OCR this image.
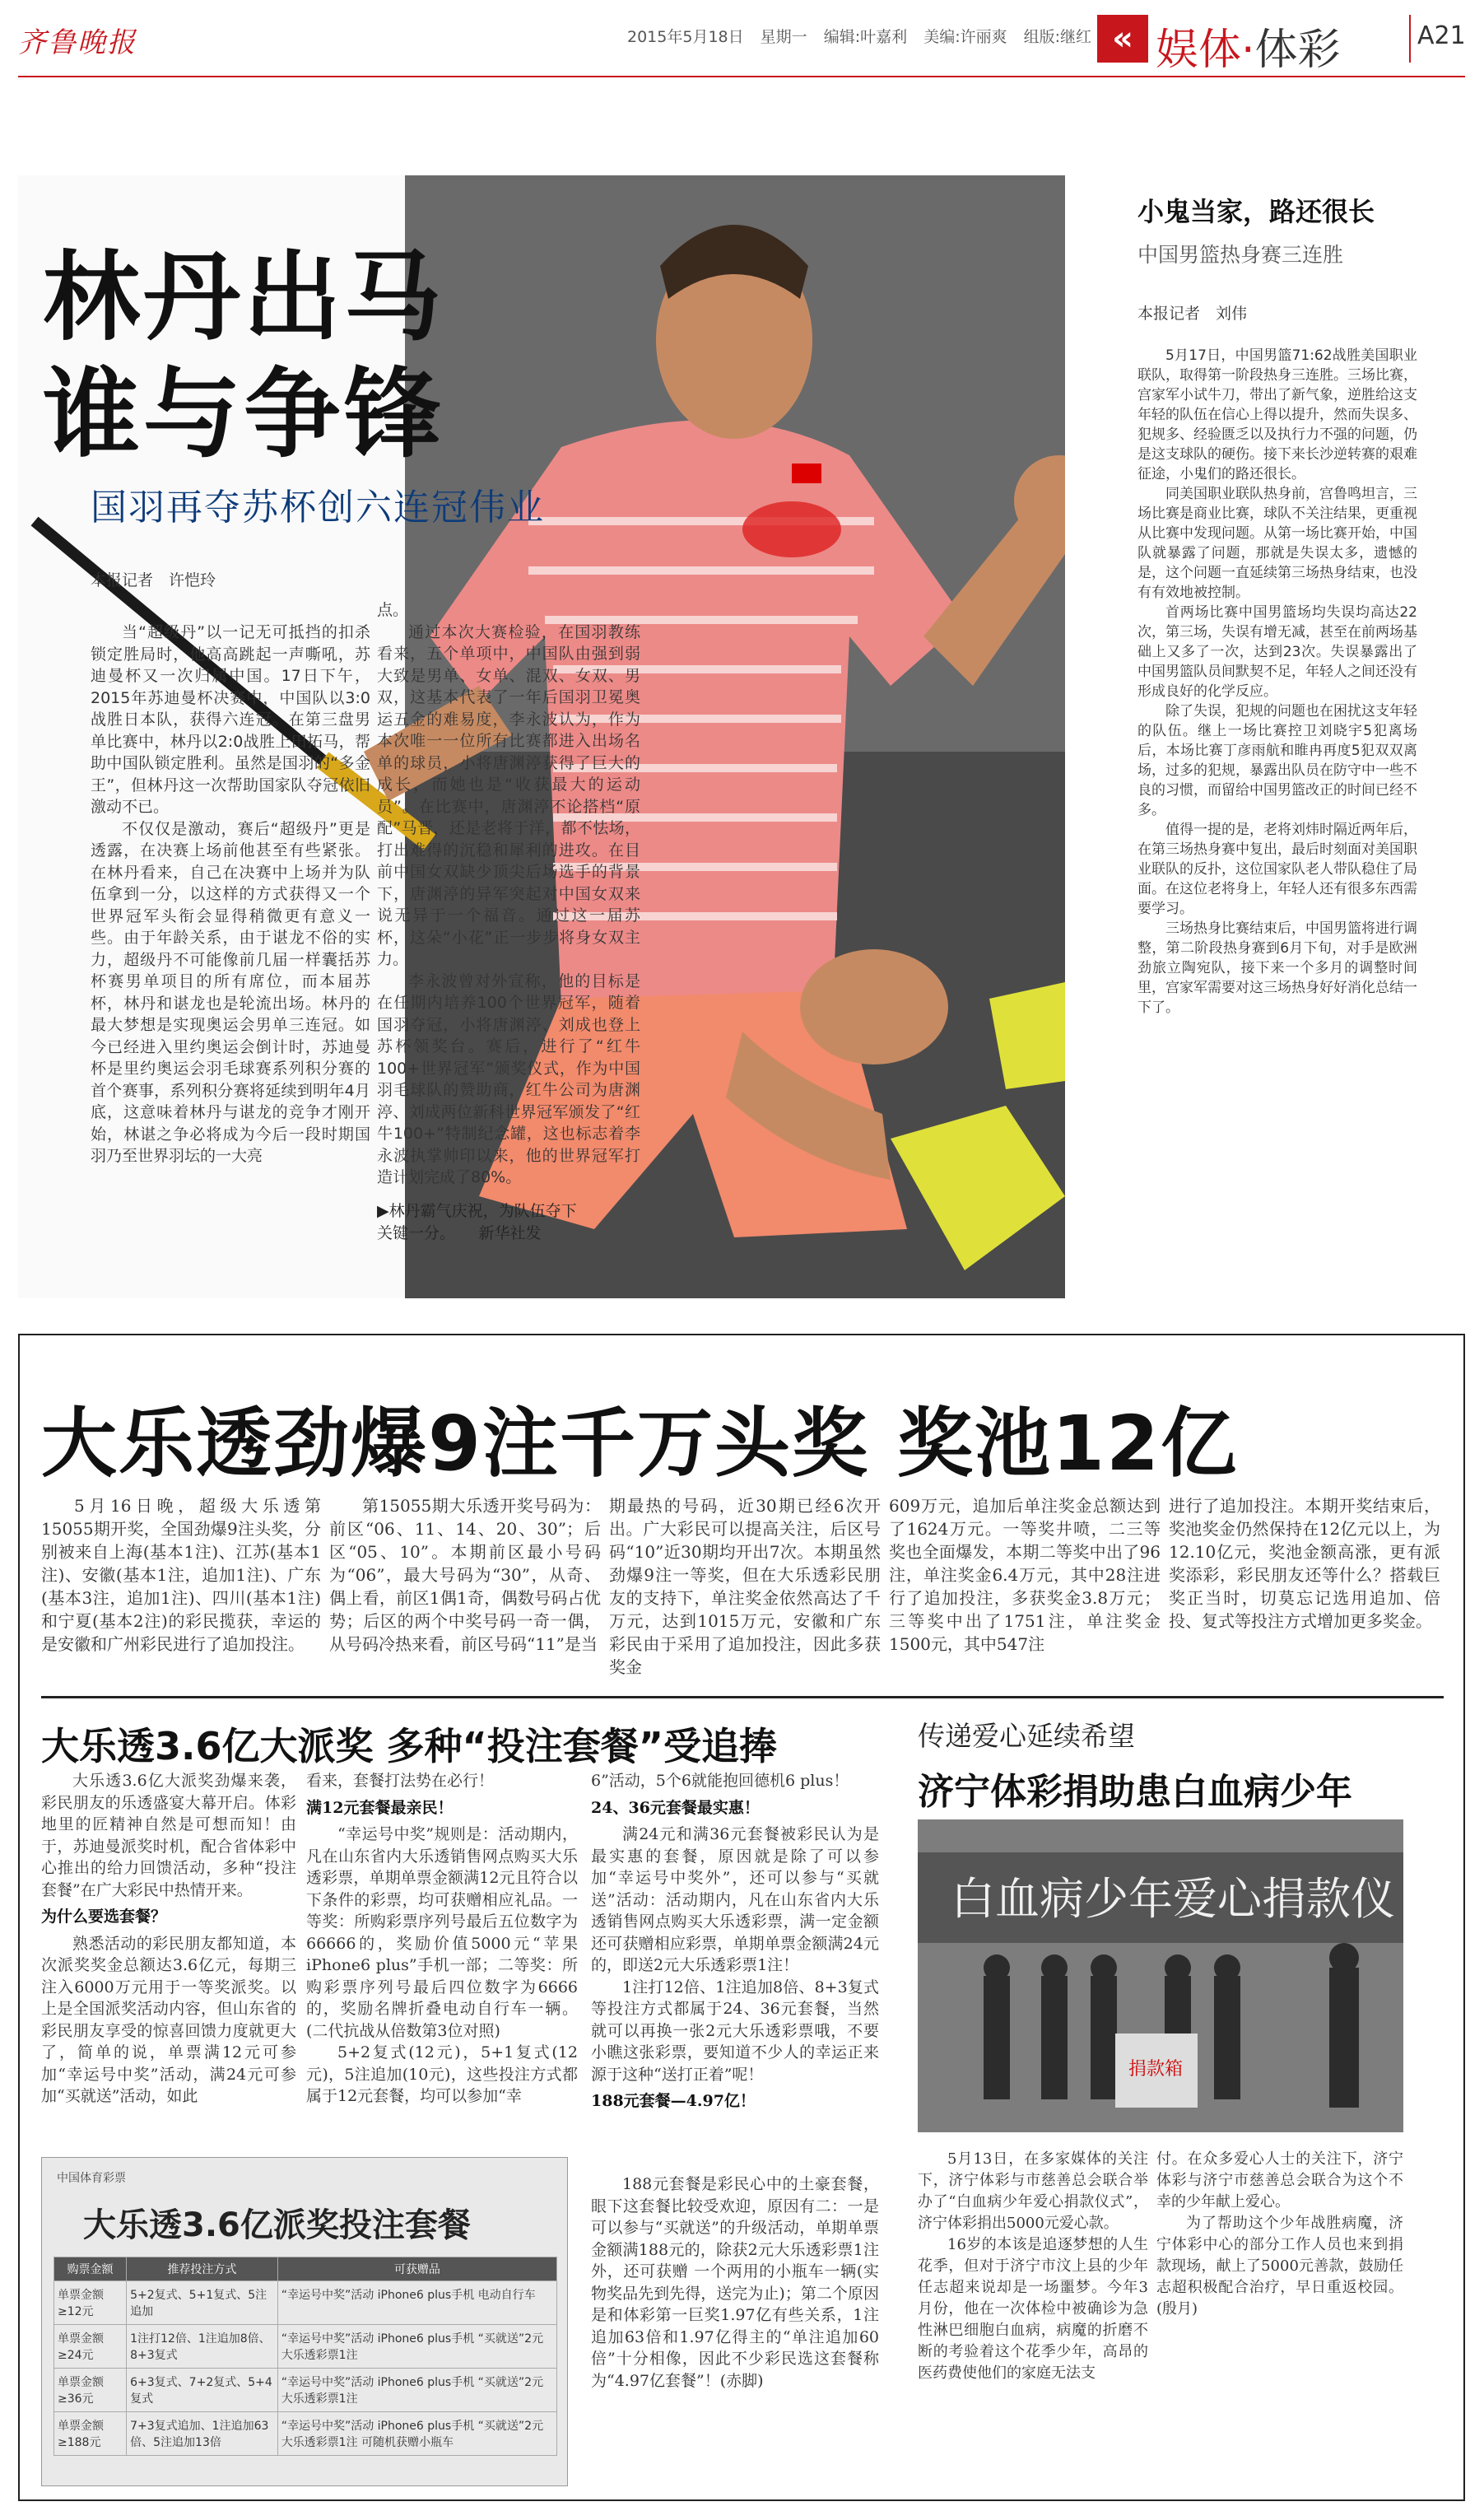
齐鲁晚报	2015年5月18日 星期一 编辑:叶嘉利 美编:许丽爽 组版:继红 « 娱体·体彩	A21
林丹出马
谁与争锋
国羽再夺苏杯创六连冠伟业
本报记者　许恺玲

当“超级丹”以一记无可抵挡的扣杀锁定胜局时，他高高跳起一声嘶吼，苏迪曼杯又一次归属中国。17日下午，2015年苏迪曼杯决赛中，中国队以3:0战胜日本队，获得六连冠。在第三盘男单比赛中，林丹以2:0战胜上田拓马，帮助中国队锁定胜利。虽然是国羽的“多金王”，但林丹这一次帮助国家队夺冠依旧激动不已。

不仅仅是激动，赛后“超级丹”更是透露，在决赛上场前他甚至有些紧张。在林丹看来，自己在决赛中上场并为队伍拿到一分，以这样的方式获得又一个世界冠军头衔会显得稍微更有意义一些。由于年龄关系，由于谌龙不俗的实力，超级丹不可能像前几届一样囊括苏杯赛男单项目的所有席位，而本届苏杯，林丹和谌龙也是轮流出场。林丹的最大梦想是实现奥运会男单三连冠。如今已经进入里约奥运会倒计时，苏迪曼杯是里约奥运会羽毛球赛系列积分赛的首个赛事，系列积分赛将延续到明年4月底，这意味着林丹与谌龙的竞争才刚开始，林谌之争必将成为今后一段时期国羽乃至世界羽坛的一大亮

点。

通过本次大赛检验，在国羽教练看来，五个单项中，中国队由强到弱大致是男单、女单、混双、女双、男双，这基本代表了一年后国羽卫冕奥运五金的难易度，李永波认为，作为本次唯一一位所有比赛都进入出场名单的球员，小将唐渊渟获得了巨大的成长，而她也是“收获最大的运动员”。在比赛中，唐渊渟不论搭档“原配”马晋，还是老将于洋，都不怯场，打出难得的沉稳和犀利的进攻。在目前中国女双缺少顶尖后场选手的背景下，唐渊渟的异军突起对中国女双来说无异于一个福音。通过这一届苏杯，这朵“小花”正一步步将身女双主力。

李永波曾对外宣称，他的目标是在任期内培养100个世界冠军，随着国羽夺冠，小将唐渊渟、刘成也登上苏杯领奖台。赛后，进行了“红牛100+世界冠军”颁奖仪式，作为中国羽毛球队的赞助商，红牛公司为唐渊渟、刘成两位新科世界冠军颁发了“红牛100+”特制纪念罐，这也标志着李永波执掌帅印以来，他的世界冠军打造计划完成了80%。

▶林丹霸气庆祝，为队伍夺下
关键一分。　　新华社发
小鬼当家，路还很长
中国男篮热身赛三连胜
本报记者　刘伟

5月17日，中国男篮71:62战胜美国职业联队，取得第一阶段热身三连胜。三场比赛，宫家军小试牛刀，带出了新气象，逆胜给这支年轻的队伍在信心上得以提升，然而失误多、犯规多、经验匮乏以及执行力不强的问题，仍是这支球队的硬伤。接下来长沙逆转赛的艰难征途，小鬼们的路还很长。

同美国职业联队热身前，宫鲁鸣坦言，三场比赛是商业比赛，球队不关注结果，更重视从比赛中发现问题。从第一场比赛开始，中国队就暴露了问题，那就是失误太多，遗憾的是，这个问题一直延续第三场热身结束，也没有有效地被控制。

首两场比赛中国男篮场均失误均高达22次，第三场，失误有增无减，甚至在前两场基础上又多了一次，达到23次。失误暴露出了中国男篮队员间默契不足，年轻人之间还没有形成良好的化学反应。

除了失误，犯规的问题也在困扰这支年轻的队伍。继上一场比赛控卫刘晓宇5犯离场后，本场比赛丁彦雨航和睢冉再度5犯双双离场，过多的犯规，暴露出队员在防守中一些不良的习惯，而留给中国男篮改正的时间已经不多。

值得一提的是，老将刘炜时隔近两年后，在第三场热身赛中复出，最后时刻面对美国职业联队的反扑，这位国家队老人带队稳住了局面。在这位老将身上，年轻人还有很多东西需要学习。

三场热身比赛结束后，中国男篮将进行调整，第二阶段热身赛到6月下旬，对手是欧洲劲旅立陶宛队，接下来一个多月的调整时间里，宫家军需要对这三场热身好好消化总结一下了。

大乐透劲爆9注千万头奖 奖池12亿

5月16日晚，超级大乐透第15055期开奖，全国劲爆9注头奖，分别被来自上海(基本1注)、江苏(基本1注)、安徽(基本1注，追加1注)、广东(基本3注，追加1注)、四川(基本1注)和宁夏(基本2注)的彩民揽获，幸运的是安徽和广州彩民进行了追加投注。

第15055期大乐透开奖号码为：前区“06、11、14、20、30”；后区“05、10”。本期前区最小号码为“06”，最大号码为“30”，从奇、偶上看，前区1偶1奇，偶数号码占优势；后区的两个中奖号码一奇一偶，从号码冷热来看，前区号码“11”是当

期最热的号码，近30期已经6次开出。广大彩民可以提高关注，后区号码“10”近30期均开出7次。本期虽然劲爆9注一等奖，但在大乐透彩民朋友的支持下，单注奖金依然高达了千万元，达到1015万元，安徽和广东彩民由于采用了追加投注，因此多获奖金

609万元，追加后单注奖金总额达到了1624万元。一等奖井喷，二三等奖也全面爆发，本期二等奖中出了96注，单注奖金6.4万元，其中28注进行了追加投注，多获奖金3.8万元；三等奖中出了1751注，单注奖金1500元，其中547注

进行了追加投注。本期开奖结束后，奖池奖金仍然保持在12亿元以上，为12.10亿元，奖池金额高涨，更有派奖添彩，彩民朋友还等什么？搭载巨奖正当时，切莫忘记选用追加、倍投、复式等投注方式增加更多奖金。

大乐透3.6亿大派奖 多种“投注套餐”受追捧

大乐透3.6亿大派奖劲爆来袭，彩民朋友的乐透盛宴大幕开启。体彩地里的匠精神自然是可想而知！由于，苏迪曼派奖时机，配合省体彩中心推出的给力回馈活动，多种“投注套餐”在广大彩民中热情开来。

为什么要选套餐？

熟悉活动的彩民朋友都知道，本次派奖奖金总额达3.6亿元，每期三注入6000万元用于一等奖派奖。以上是全国派奖活动内容，但山东省的彩民朋友享受的惊喜回馈力度就更大了，简单的说，单票满12元可参加“幸运号中奖”活动，满24元可参加“买就送”活动，如此

看来，套餐打法势在必行！

满12元套餐最亲民！

“幸运号中奖”规则是：活动期内，凡在山东省内大乐透销售网点购买大乐透彩票，单期单票金额满12元且符合以下条件的彩票，均可获赠相应礼品。一等奖：所购彩票序列号最后五位数字为66666的，奖励价值5000元“苹果iPhone6 plus”手机一部；二等奖：所购彩票序列号最后四位数字为6666的，奖励名牌折叠电动自行车一辆。(二代抗战从倍数第3位对照)

5+2复式(12元)，5+1复式(12元)，5注追加(10元)，这些投注方式都属于12元套餐，均可以参加“幸

6”活动，5个6就能抱回德机6 plus！

24、36元套餐最实惠！

满24元和满36元套餐被彩民认为是最实惠的套餐，原因就是除了可以参加“幸运号中奖外”，还可以参与“买就送”活动：活动期内，凡在山东省内大乐透销售网点购买大乐透彩票，满一定金额还可获赠相应彩票，单期单票金额满24元的，即送2元大乐透彩票1注！

1注打12倍、1注追加8倍、8+3复式等投注方式都属于24、36元套餐，当然就可以再换一张2元大乐透彩票哦，不要小瞧这张彩票，要知道不少人的幸运正来源于这种“送打正着”呢！

188元套餐—4.97亿！

188元套餐是彩民心中的土豪套餐，眼下这套餐比较受欢迎，原因有二：一是可以参与“买就送”的升级活动，单期单票金额满188元的，除获2元大乐透彩票1注外，还可获赠 一个两用的小瓶车一辆(实物奖品先到先得，送完为止)；第二个原因是和体彩第一巨奖1.97亿有些关系，1注追加63倍和1.97亿得主的“单注追加60倍”十分相像，因此不少彩民选这套餐称为“4.97亿套餐”！(赤脚)

中国体育彩票
大乐透3.6亿派奖投注套餐
购票金额	推荐投注方式	可获赠品
单票金额≥12元	5+2复式、5+1复式、5注追加	“幸运号中奖”活动 iPhone6 plus手机 电动自行车
单票金额≥24元	1注打12倍、1注追加8倍、8+3复式	“幸运号中奖”活动 iPhone6 plus手机 “买就送”2元大乐透彩票1注
单票金额≥36元	6+3复式、7+2复式、5+4复式	“幸运号中奖”活动 iPhone6 plus手机 “买就送”2元大乐透彩票1注
单票金额≥188元	7+3复式追加、1注追加63倍、5注追加13倍	“幸运号中奖”活动 iPhone6 plus手机 “买就送”2元大乐透彩票1注 可随机获赠小瓶车
传递爱心延续希望
济宁体彩捐助患白血病少年
白血病少年爱心捐款仪
捐款箱

5月13日，在多家媒体的关注下，济宁体彩与市慈善总会联合举办了“白血病少年爱心捐款仪式”，济宁体彩捐出5000元爱心款。

16岁的本该是追逐梦想的人生花季，但对于济宁市汶上县的少年任志超来说却是一场噩梦。今年3月份，他在一次体检中被确诊为急性淋巴细胞白血病，病魔的折磨不断的考验着这个花季少年，高昂的医药费使他们的家庭无法支

付。在众多爱心人士的关注下，济宁体彩与济宁市慈善总会联合为这个不幸的少年献上爱心。

为了帮助这个少年战胜病魔，济宁体彩中心的部分工作人员也来到捐款现场，献上了5000元善款，鼓励任志超积极配合治疗，早日重返校园。(殷月)
